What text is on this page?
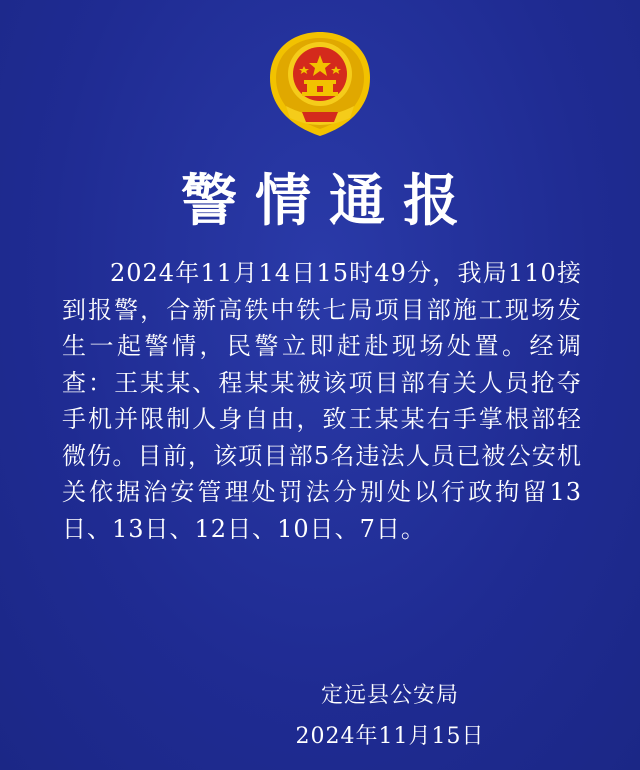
警情通报
2024年11月14日15时49分，我局110接到报警，合新高铁中铁七局项目部施工现场发生一起警情，民警立即赶赴现场处置。经调查：王某某、程某某被该项目部有关人员抢夺手机并限制人身自由，致王某某右手掌根部轻微伤。目前，该项目部5名违法人员已被公安机关依据治安管理处罚法分别处以行政拘留13日、13日、12日、10日、7日。
定远县公安局
2024年11月15日
